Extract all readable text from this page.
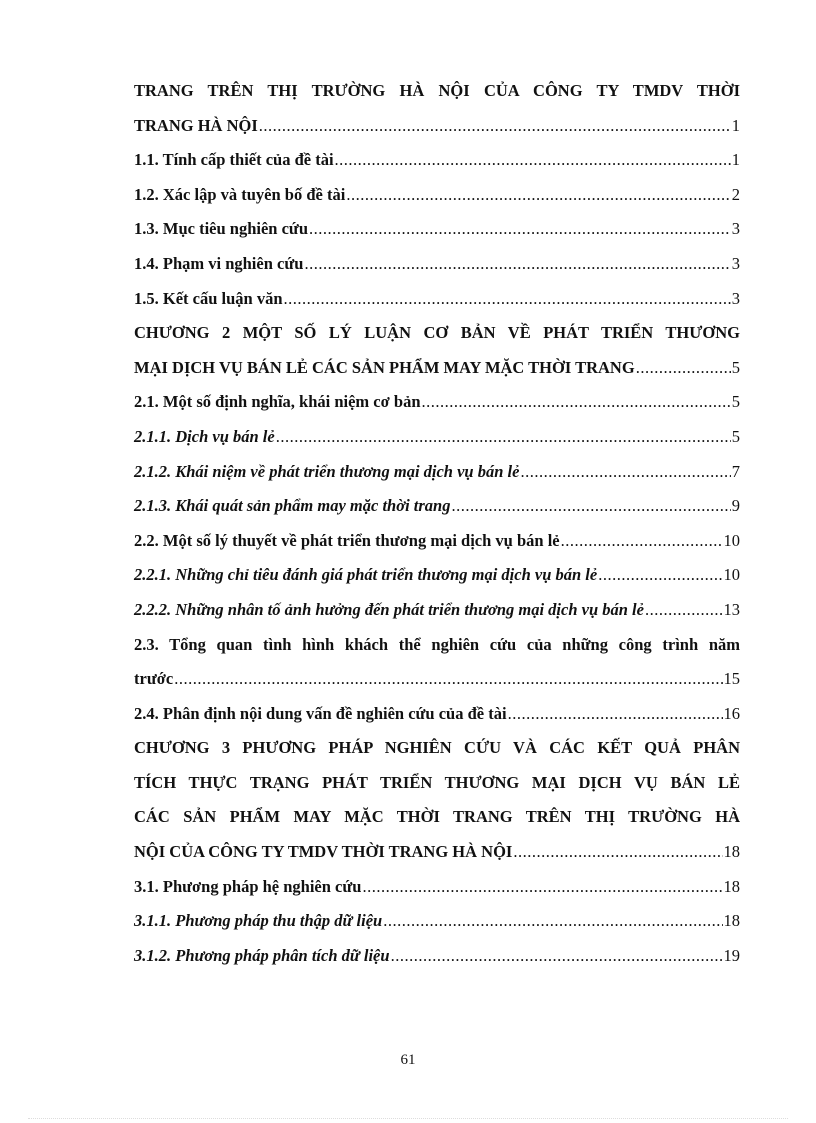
TRANG TRÊN THỊ TRƯỜNG HÀ NỘI CỦA CÔNG TY TMDV THỜI
TRANG HÀ NỘI .....	1
1.1. Tính cấp thiết của đề tài .....	1
1.2. Xác lập và tuyên bố đề tài .....	2
1.3. Mục tiêu nghiên cứu .....	3
1.4. Phạm vi nghiên cứu .....	3
1.5. Kết cấu luận văn .....	3
CHƯƠNG 2 MỘT SỐ LÝ LUẬN CƠ BẢN VỀ PHÁT TRIỂN THƯƠNG
MẠI DỊCH VỤ BÁN LẺ CÁC SẢN PHẨM MAY MẶC THỜI TRANG .....	5
2.1. Một số định nghĩa, khái niệm cơ bản .....	5
2.1.1. Dịch vụ bán lẻ .....	5
2.1.2. Khái niệm về phát triển thương mại dịch vụ bán lẻ .....	7
2.1.3. Khái quát sản phẩm may mặc thời trang .....	9
2.2. Một số lý thuyết về phát triển thương mại dịch vụ bán lẻ .....	10
2.2.1. Những chỉ tiêu đánh giá phát triển thương mại dịch vụ bán lẻ .....	10
2.2.2. Những nhân tố ảnh hưởng đến phát triển thương mại dịch vụ bán lẻ .....	13
2.3. Tổng quan tình hình khách thể nghiên cứu của những công trình năm
trước .....	15
2.4. Phân định nội dung vấn đề nghiên cứu của đề tài .....	16
CHƯƠNG 3 PHƯƠNG PHÁP NGHIÊN CỨU VÀ CÁC KẾT QUẢ PHÂN
TÍCH THỰC TRẠNG PHÁT TRIỂN THƯƠNG MẠI DỊCH VỤ BÁN LẺ
CÁC SẢN PHẨM MAY MẶC THỜI TRANG TRÊN THỊ TRƯỜNG HÀ
NỘI CỦA CÔNG TY TMDV THỜI TRANG HÀ NỘI .....	18
3.1. Phương pháp hệ nghiên cứu .....	18
3.1.1. Phương pháp thu thập dữ liệu .....	18
3.1.2. Phương pháp phân tích dữ liệu .....	19
61
